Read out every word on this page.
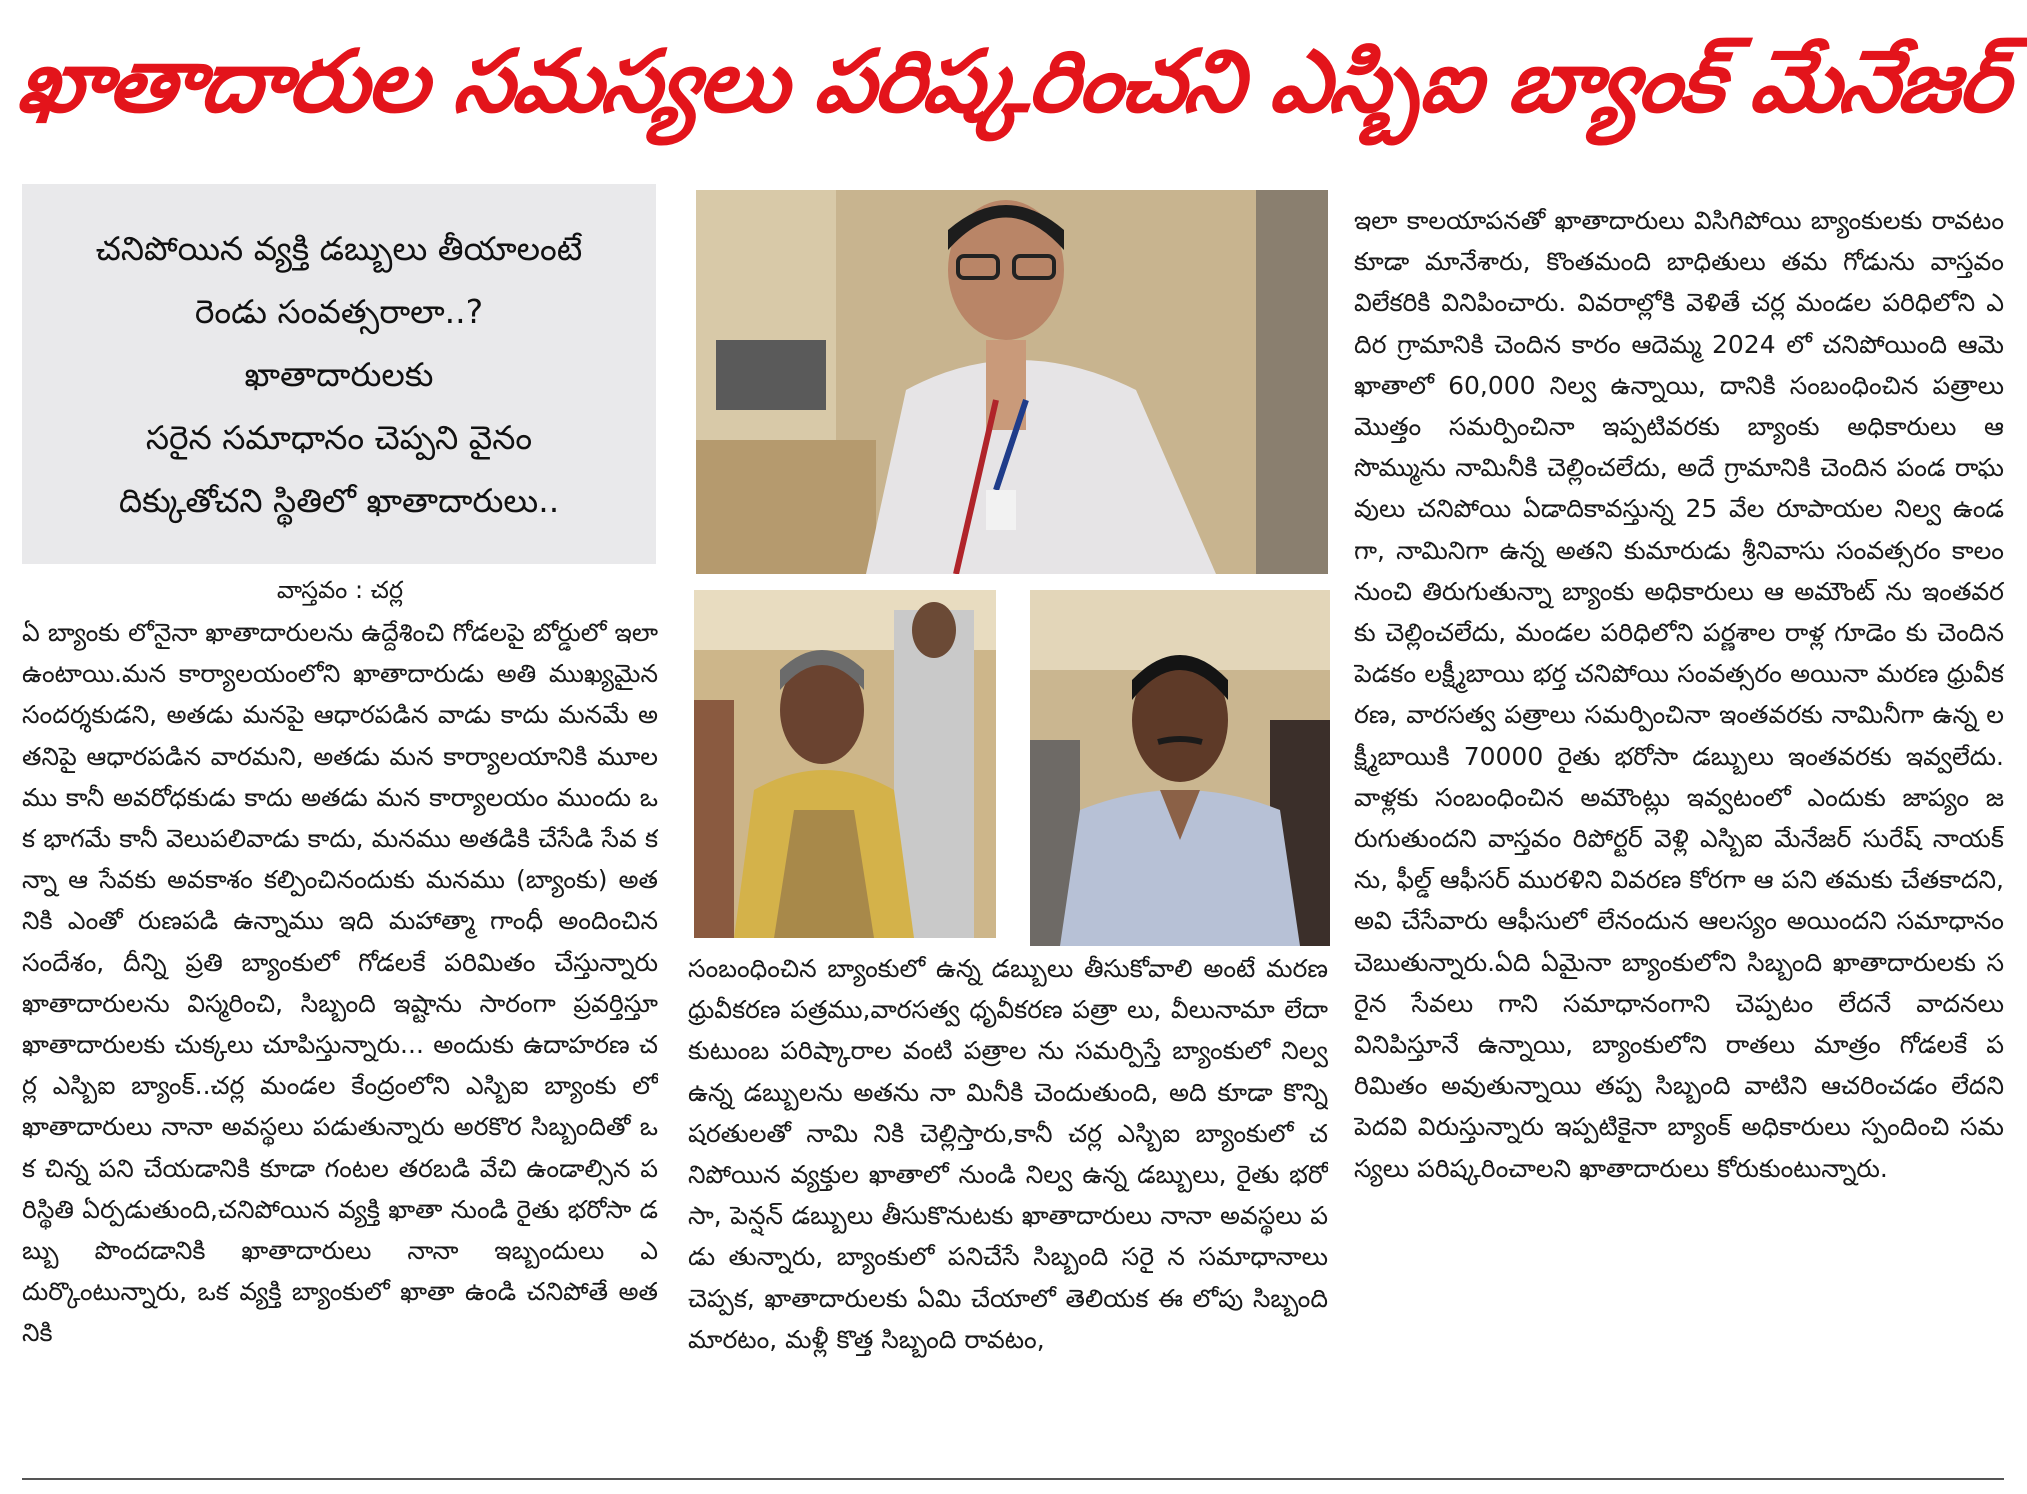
ఖాతాదారుల సమస్యలు పరిష్కరించని ఎస్బిఐ బ్యాంక్ మేనేజర్
చనిపోయిన వ్యక్తి డబ్బులు తీయాలంటే
రెండు సంవత్సరాలా..?
ఖాతాదారులకు
సరైన సమాధానం చెప్పని వైనం
దిక్కుతోచని స్థితిలో ఖాతాదారులు..
వాస్తవం : చర్ల

ఏ బ్యాంకు లోనైనా ఖాతాదారులను ఉద్దేశించి గోడలపై బోర్డులో ఇలా ఉంటాయి.మన కార్యాలయంలోని ఖాతాదారుడు అతి ముఖ్యమైన సందర్శకుడని, అతడు మనపై ఆధారపడిన వాడు కాదు మనమే అతనిపై ఆధారపడిన వారమని, అతడు మన కార్యాలయానికి మూలము కానీ అవరోధకుడు కాదు అతడు మన కార్యాలయం ముందు ఒక భాగమే కానీ వెలుపలివాడు కాదు, మనము అతడికి చేసేడి సేవ కన్నా ఆ సేవకు అవకాశం కల్పించినందుకు మనము (బ్యాంకు) అతనికి ఎంతో రుణపడి ఉన్నాము ఇది మహాత్మా గాంధీ అందించిన సందేశం, దీన్ని ప్రతి బ్యాంకులో గోడలకే పరిమితం చేస్తున్నారు ఖాతాదారులను విస్మరించి, సిబ్బంది ఇష్టాను సారంగా ప్రవర్తిస్తూ ఖాతాదారులకు చుక్కలు చూపిస్తున్నారు... అందుకు ఉదాహరణ చర్ల ఎస్బిఐ బ్యాంక్..చర్ల మండల కేంద్రంలోని ఎస్బిఐ బ్యాంకు లో ఖాతాదారులు నానా అవస్థలు పడుతున్నారు అరకొర సిబ్బందితో ఒక చిన్న పని చేయడానికి కూడా గంటల తరబడి వేచి ఉండాల్సిన పరిస్థితి ఏర్పడుతుంది,చనిపోయిన వ్యక్తి ఖాతా నుండి రైతు భరోసా డబ్బు పొందడానికి ఖాతాదారులు నానా ఇబ్బందులు ఎదుర్కొంటున్నారు, ఒక వ్యక్తి బ్యాంకులో ఖాతా ఉండి చనిపోతే అతనికి

సంబంధించిన బ్యాంకులో ఉన్న డబ్బులు తీసుకోవాలి అంటే మరణ ధ్రువీకరణ పత్రము,వారసత్వ ధృవీకరణ పత్రా లు, వీలునామా లేదా కుటుంబ పరిష్కారాల వంటి పత్రాల ను సమర్పిస్తే బ్యాంకులో నిల్వ ఉన్న డబ్బులను అతను నా మినీకి చెందుతుంది, అది కూడా కొన్ని షరతులతో నామి నికి చెల్లిస్తారు,కానీ చర్ల ఎస్బిఐ బ్యాంకులో చనిపోయిన వ్యక్తుల ఖాతాలో నుండి నిల్వ ఉన్న డబ్బులు, రైతు భరో సా, పెన్షన్ డబ్బులు తీసుకొనుటకు ఖాతాదారులు నానా అవస్థలు పడు తున్నారు, బ్యాంకులో పనిచేసే సిబ్బంది సరై న సమాధానాలు చెప్పక, ఖాతాదారులకు ఏమి చేయాలో తెలియక ఈ లోపు సిబ్బంది మారటం, మళ్లీ కొత్త సిబ్బంది రావటం,

ఇలా కాలయాపనతో ఖాతాదారులు విసిగిపోయి బ్యాంకులకు రావటం కూడా మానేశారు, కొంతమంది బాధితులు తమ గోడును వాస్తవం విలేకరికి వినిపించారు. వివరాల్లోకి వెళితే చర్ల మండల పరిధిలోని ఎదిర గ్రామానికి చెందిన కారం ఆదెమ్మ 2024 లో చనిపోయింది ఆమె ఖాతాలో 60,000 నిల్వ ఉన్నాయి, దానికి సంబంధించిన పత్రాలు మొత్తం సమర్పించినా ఇప్పటివరకు బ్యాంకు అధికారులు ఆ సొమ్మును నామినీకి చెల్లించలేదు, అదే గ్రామానికి చెందిన పండ రాఘవులు చనిపోయి ఏడాదికావస్తున్న 25 వేల రూపాయల నిల్వ ఉండగా, నామినిగా ఉన్న అతని కుమారుడు శ్రీనివాసు సంవత్సరం కాలం నుంచి తిరుగుతున్నా బ్యాంకు అధికారులు ఆ అమౌంట్ ను ఇంతవరకు చెల్లించలేదు, మండల పరిధిలోని పర్ణశాల రాళ్ల గూడెం కు చెందిన పెడకం లక్ష్మీబాయి భర్త చనిపోయి సంవత్సరం అయినా మరణ ధ్రువీకరణ, వారసత్వ పత్రాలు సమర్పించినా ఇంతవరకు నామినీగా ఉన్న లక్ష్మీబాయికి 70000 రైతు భరోసా డబ్బులు ఇంతవరకు ఇవ్వలేదు. వాళ్లకు సంబంధించిన అమౌంట్లు ఇవ్వటంలో ఎందుకు జాప్యం జరుగుతుందని వాస్తవం రిపోర్టర్ వెళ్లి ఎస్బిఐ మేనేజర్ సురేష్ నాయక్ ను, ఫీల్డ్ ఆఫీసర్ మురళిని వివరణ కోరగా ఆ పని తమకు చేతకాదని, అవి చేసేవారు ఆఫీసులో లేనందున ఆలస్యం అయిందని సమాధానం చెబుతున్నారు.ఏది ఏమైనా బ్యాంకులోని సిబ్బంది ఖాతాదారులకు సరైన సేవలు గాని సమాధానంగాని చెప్పటం లేదనే వాదనలు వినిపిస్తూనే ఉన్నాయి, బ్యాంకులోని రాతలు మాత్రం గోడలకే పరిమితం అవుతున్నాయి తప్ప సిబ్బంది వాటిని ఆచరించడం లేదని పెదవి విరుస్తున్నారు ఇప్పటికైనా బ్యాంక్ అధికారులు స్పందించి సమస్యలు పరిష్కరించాలని ఖాతాదారులు కోరుకుంటున్నారు.
